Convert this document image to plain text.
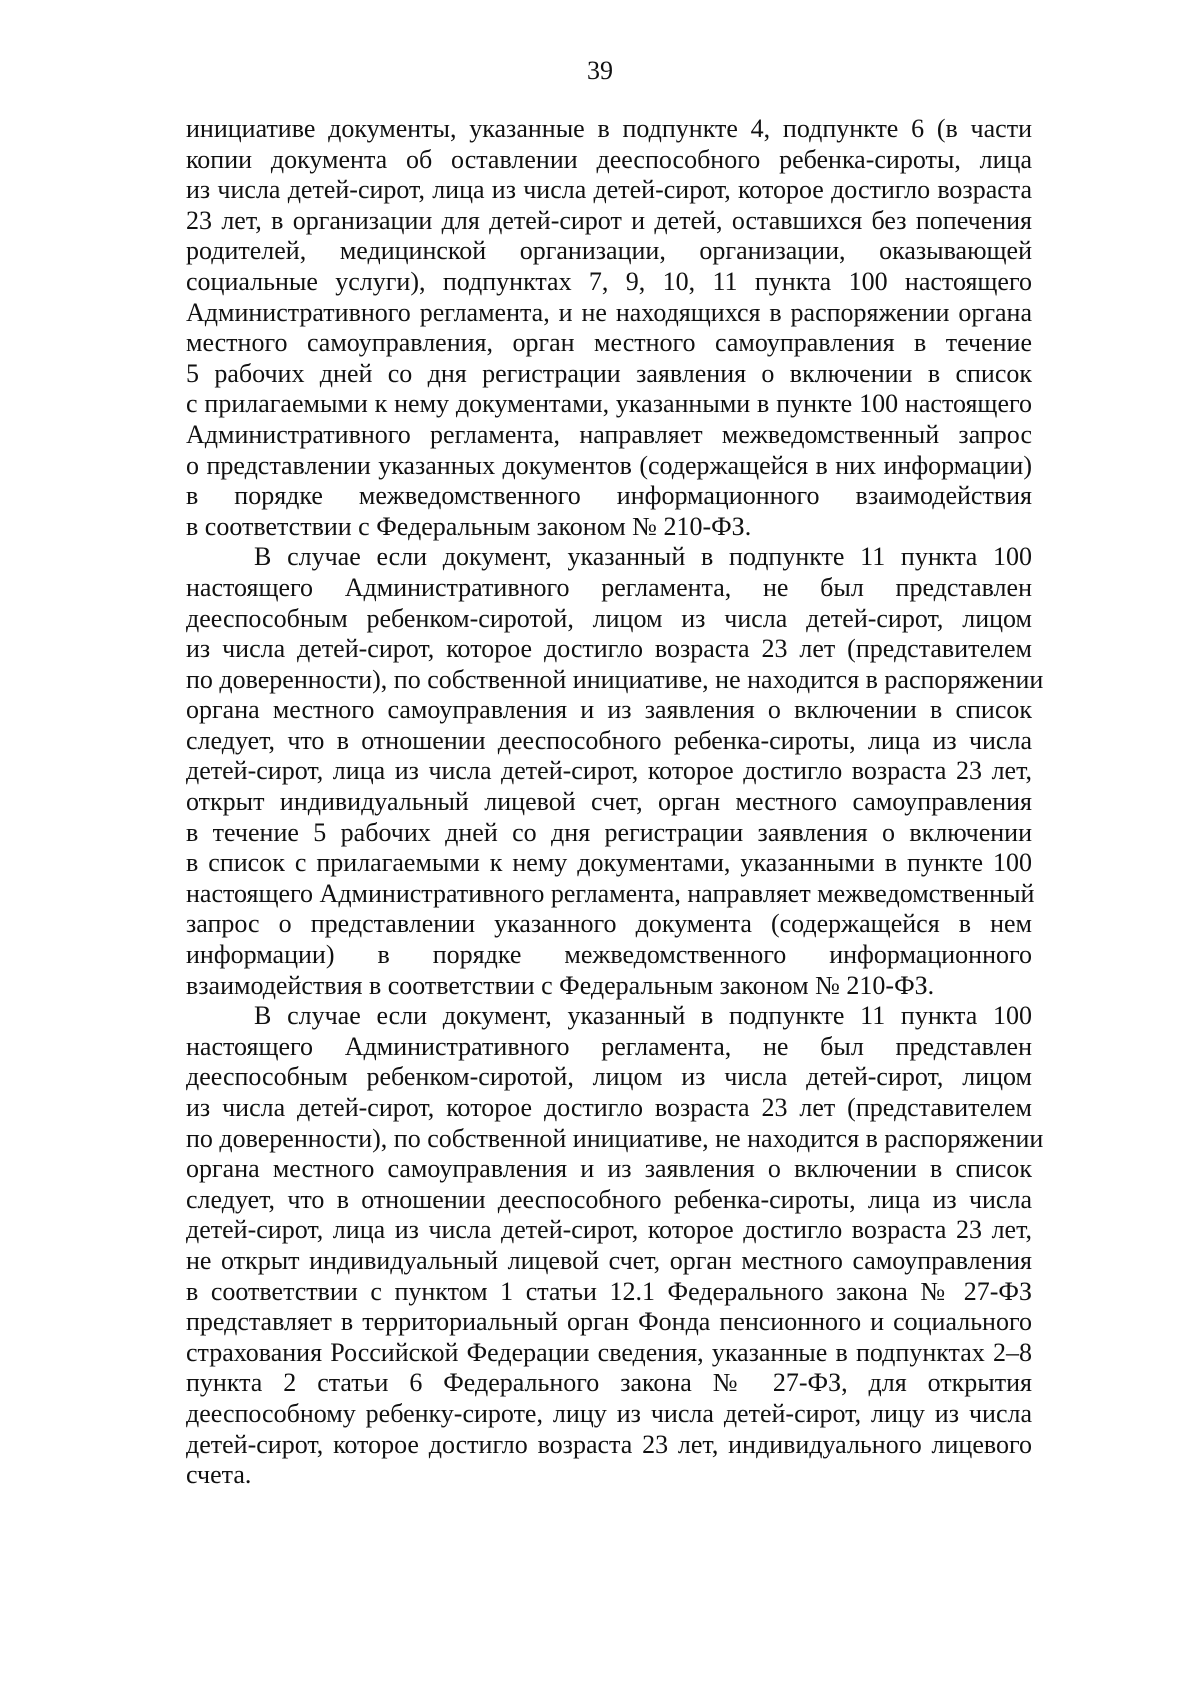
39
инициативе документы, указанные в подпункте 4, подпункте 6 (в части
копии документа об оставлении дееспособного ребенка-сироты, лица
из числа детей-сирот, лица из числа детей-сирот, которое достигло возраста
23 лет, в организации для детей-сирот и детей, оставшихся без попечения
родителей, медицинской организации, организации, оказывающей
социальные услуги), подпунктах 7, 9, 10, 11 пункта 100 настоящего
Административного регламента, и не находящихся в распоряжении органа
местного самоуправления, орган местного самоуправления в течение
5 рабочих дней со дня регистрации заявления о включении в список
с прилагаемыми к нему документами, указанными в пункте 100 настоящего
Административного регламента, направляет межведомственный запрос
о представлении указанных документов (содержащейся в них информации)
в порядке межведомственного информационного взаимодействия
в соответствии с Федеральным законом № 210-ФЗ.
В случае если документ, указанный в подпункте 11 пункта 100
настоящего Административного регламента, не был представлен
дееспособным ребенком-сиротой, лицом из числа детей-сирот, лицом
из числа детей-сирот, которое достигло возраста 23 лет (представителем
по доверенности), по собственной инициативе, не находится в распоряжении
органа местного самоуправления и из заявления о включении в список
следует, что в отношении дееспособного ребенка-сироты, лица из числа
детей-сирот, лица из числа детей-сирот, которое достигло возраста 23 лет,
открыт индивидуальный лицевой счет, орган местного самоуправления
в течение 5 рабочих дней со дня регистрации заявления о включении
в список с прилагаемыми к нему документами, указанными в пункте 100
настоящего Административного регламента, направляет межведомственный
запрос о представлении указанного документа (содержащейся в нем
информации) в порядке межведомственного информационного
взаимодействия в соответствии с Федеральным законом № 210-ФЗ.
В случае если документ, указанный в подпункте 11 пункта 100
настоящего Административного регламента, не был представлен
дееспособным ребенком-сиротой, лицом из числа детей-сирот, лицом
из числа детей-сирот, которое достигло возраста 23 лет (представителем
по доверенности), по собственной инициативе, не находится в распоряжении
органа местного самоуправления и из заявления о включении в список
следует, что в отношении дееспособного ребенка-сироты, лица из числа
детей-сирот, лица из числа детей-сирот, которое достигло возраста 23 лет,
не открыт индивидуальный лицевой счет, орган местного самоуправления
в соответствии с пунктом 1 статьи 12.1 Федерального закона № 27-ФЗ
представляет в территориальный орган Фонда пенсионного и социального
страхования Российской Федерации сведения, указанные в подпунктах 2–8
пункта 2 статьи 6 Федерального закона № 27-ФЗ, для открытия
дееспособному ребенку-сироте, лицу из числа детей-сирот, лицу из числа
детей-сирот, которое достигло возраста 23 лет, индивидуального лицевого
счета.
